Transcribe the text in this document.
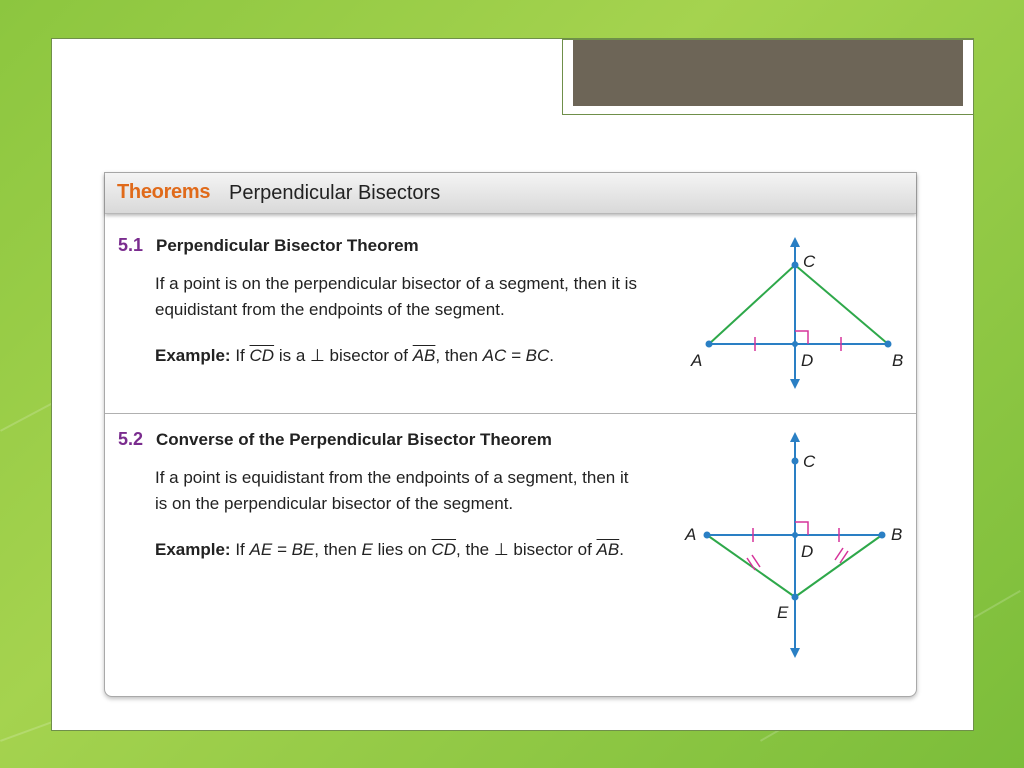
Theorems Perpendicular Bisectors
5.1 Perpendicular Bisector Theorem
If a point is on the perpendicular bisector of a segment, then it is
equidistant from the endpoints of the segment.
Example: If $\overline{CD}$ is a ⊥ bisector of $\overline{AB}$, then AC = BC.	A	B
C
D
5.2 Converse of the Perpendicular Bisector Theorem
If a point is equidistant from the endpoints of a segment, then it
is on the perpendicular bisector of the segment.
Example: If AE = BE, then E lies on $\overline{CD}$, the ⊥ bisector of $\overline{AB}$.
A	B
C
D
E
